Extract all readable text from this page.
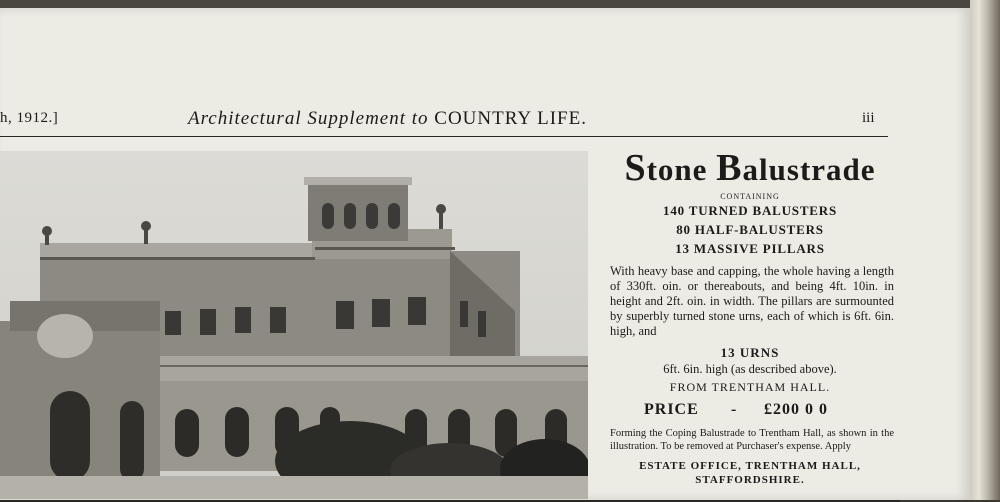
h, 1912.]	Architectural Supplement to COUNTRY LIFE.	iii
Stone Balustrade
CONTAINING
140 TURNED BALUSTERS
80 HALF-BALUSTERS
13 MASSIVE PILLARS
With heavy base and capping, the whole having a length of 330ft. oin. or thereabouts, and being 4ft. 10in. in height and 2ft. oin. in width. The pillars are surmounted by superbly turned stone urns, each of which is 6ft. 6in. high, and
13 URNS
6ft. 6in. high (as described above).
FROM TRENTHAM HALL.
PRICE - £200 0 0
Forming the Coping Balustrade to Trentham Hall, as shown in the illustration. To be removed at Purchaser's expense. Apply
ESTATE OFFICE, TRENTHAM HALL,
STAFFORDSHIRE.
